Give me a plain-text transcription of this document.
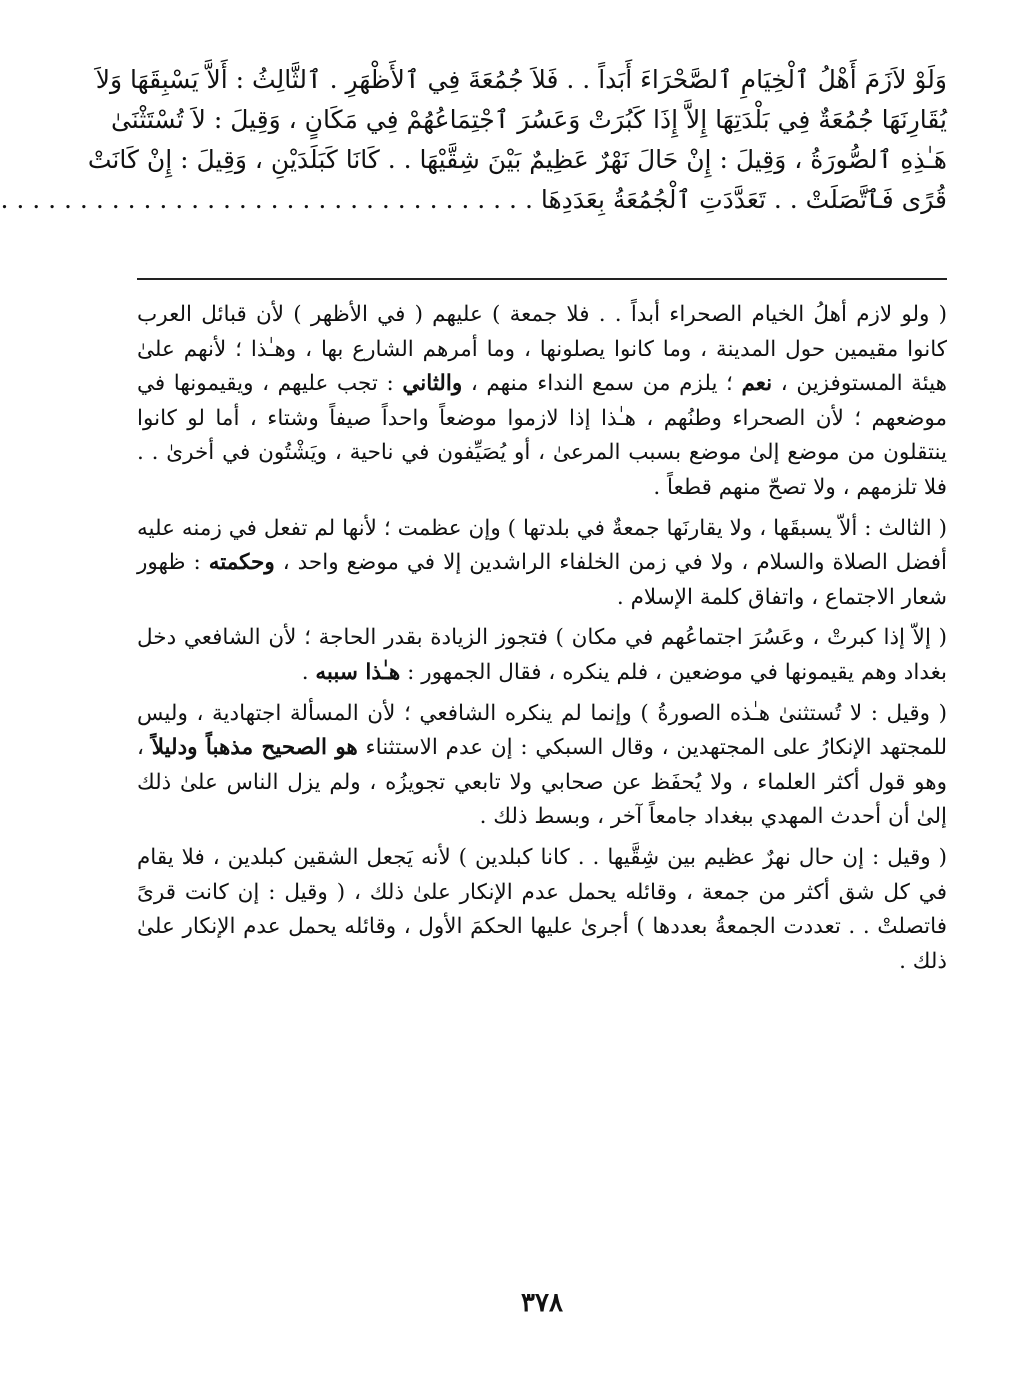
وَلَوْ لاَزَمَ أَهْلُ ٱلْخِيَامِ ٱلصَّحْرَاءَ أَبَداً . . فَلاَ جُمُعَةَ فِي ٱلأَظْهَرِ . ٱلثَّالِثُ : أَلاَّ يَسْبِقَهَا وَلاَ
يُقَارِنَهَا جُمُعَةٌ فِي بَلْدَتِهَا إِلاَّ إِذَا كَبُرَتْ وَعَسُرَ ٱجْتِمَاعُهُمْ فِي مَكَانٍ ، وَقِيلَ : لاَ تُسْتَثْنَىٰ
هَـٰذِهِ ٱلصُّورَةُ ، وَقِيلَ : إِنْ حَالَ نَهْرٌ عَظِيمٌ بَيْنَ شِقَّيْهَا . . كَانَا كَبَلَدَيْنِ ، وَقِيلَ : إِنْ كَانَتْ
قُرًى فَٱتَّصَلَتْ . . تَعَدَّدَتِ ٱلْجُمُعَةُ بِعَدَدِهَا . . . . . . . . . . . . . . . . . . . . . . . . . . . . . . . . . .

( ولو لازم أهلُ الخيام الصحراء أبداً . . فلا جمعة ) عليهم ( في الأظهر ) لأن قبائل العرب كانوا مقيمين حول المدينة ، وما كانوا يصلونها ، وما أمرهم الشارع بها ، وهـٰذا ؛ لأنهم علىٰ هيئة المستوفزين ، نعم ؛ يلزم من سمع النداء منهم ، والثاني : تجب عليهم ، ويقيمونها في موضعهم ؛ لأن الصحراء وطنُهم ، هـٰذا إذا لازموا موضعاً واحداً صيفاً وشتاء ، أما لو كانوا ينتقلون من موضع إلىٰ موضع بسبب المرعىٰ ، أو يُصَيِّفون في ناحية ، ويَشْتُون في أخرىٰ . . فلا تلزمهم ، ولا تصحّ منهم قطعاً .

( الثالث : ألاّ يسبقَها ، ولا يقارنَها جمعةٌ في بلدتها ) وإن عظمت ؛ لأنها لم تفعل في زمنه عليه أفضل الصلاة والسلام ، ولا في زمن الخلفاء الراشدين إلا في موضع واحد ، وحكمته : ظهور شعار الاجتماع ، واتفاق كلمة الإسلام .

( إلاّ إذا كبرتْ ، وعَسُرَ اجتماعُهم في مكان ) فتجوز الزيادة بقدر الحاجة ؛ لأن الشافعي دخل بغداد وهم يقيمونها في موضعين ، فلم ينكره ، فقال الجمهور : هـٰذا سببه .

( وقيل : لا تُستثنىٰ هـٰذه الصورةُ ) وإنما لم ينكره الشافعي ؛ لأن المسألة اجتهادية ، وليس للمجتهد الإنكارُ على المجتهدين ، وقال السبكي : إن عدم الاستثناء هو الصحيح مذهباً ودليلاً ، وهو قول أكثر العلماء ، ولا يُحفَظ عن صحابي ولا تابعي تجويزُه ، ولم يزل الناس علىٰ ذلك إلىٰ أن أحدث المهدي ببغداد جامعاً آخر ، وبسط ذلك .

( وقيل : إن حال نهرٌ عظيم بين شِقَّيها . . كانا كبلدين ) لأنه يَجعل الشقين كبلدين ، فلا يقام في كل شق أكثر من جمعة ، وقائله يحمل عدم الإنكار علىٰ ذلك ، ( وقيل : إن كانت قرىً فاتصلتْ . . تعددت الجمعةُ بعددها ) أجرىٰ عليها الحكمَ الأول ، وقائله يحمل عدم الإنكار علىٰ ذلك .

٣٧٨
